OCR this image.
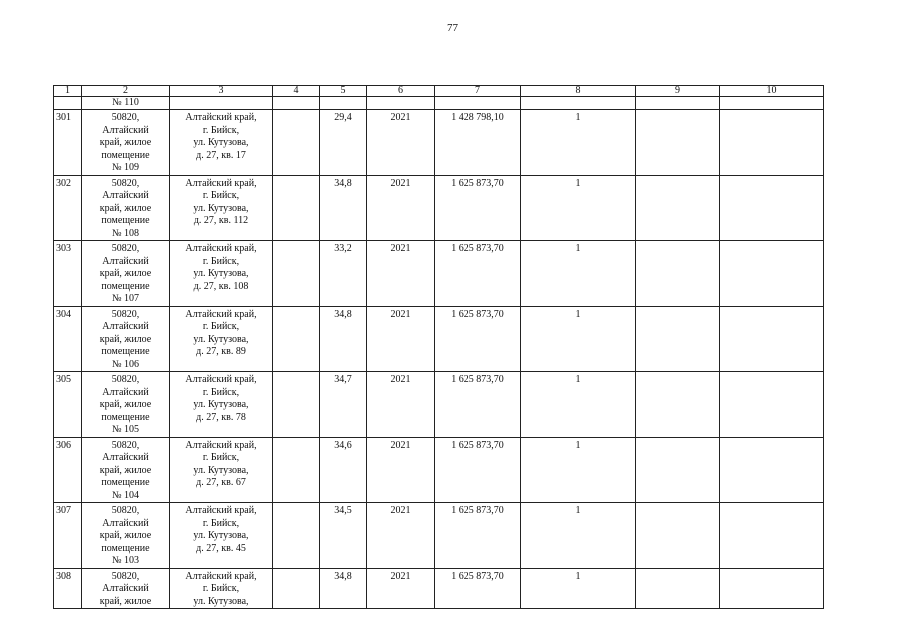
77
1	2	3	4	5	6	7	8	9	10
	№ 110								
301	50820,
Алтайский
край, жилое
помещение
№ 109	Алтайский край,
г. Бийск,
ул. Кутузова,
д. 27, кв. 17		29,4	2021	1 428 798,10	1		
302	50820,
Алтайский
край, жилое
помещение
№ 108	Алтайский край,
г. Бийск,
ул. Кутузова,
д. 27, кв. 112		34,8	2021	1 625 873,70	1		
303	50820,
Алтайский
край, жилое
помещение
№ 107	Алтайский край,
г. Бийск,
ул. Кутузова,
д. 27, кв. 108		33,2	2021	1 625 873,70	1		
304	50820,
Алтайский
край, жилое
помещение
№ 106	Алтайский край,
г. Бийск,
ул. Кутузова,
д. 27, кв. 89		34,8	2021	1 625 873,70	1		
305	50820,
Алтайский
край, жилое
помещение
№ 105	Алтайский край,
г. Бийск,
ул. Кутузова,
д. 27, кв. 78		34,7	2021	1 625 873,70	1		
306	50820,
Алтайский
край, жилое
помещение
№ 104	Алтайский край,
г. Бийск,
ул. Кутузова,
д. 27, кв. 67		34,6	2021	1 625 873,70	1		
307	50820,
Алтайский
край, жилое
помещение
№ 103	Алтайский край,
г. Бийск,
ул. Кутузова,
д. 27, кв. 45		34,5	2021	1 625 873,70	1		
308	50820,
Алтайский
край, жилое	Алтайский край,
г. Бийск,
ул. Кутузова,		34,8	2021	1 625 873,70	1		
